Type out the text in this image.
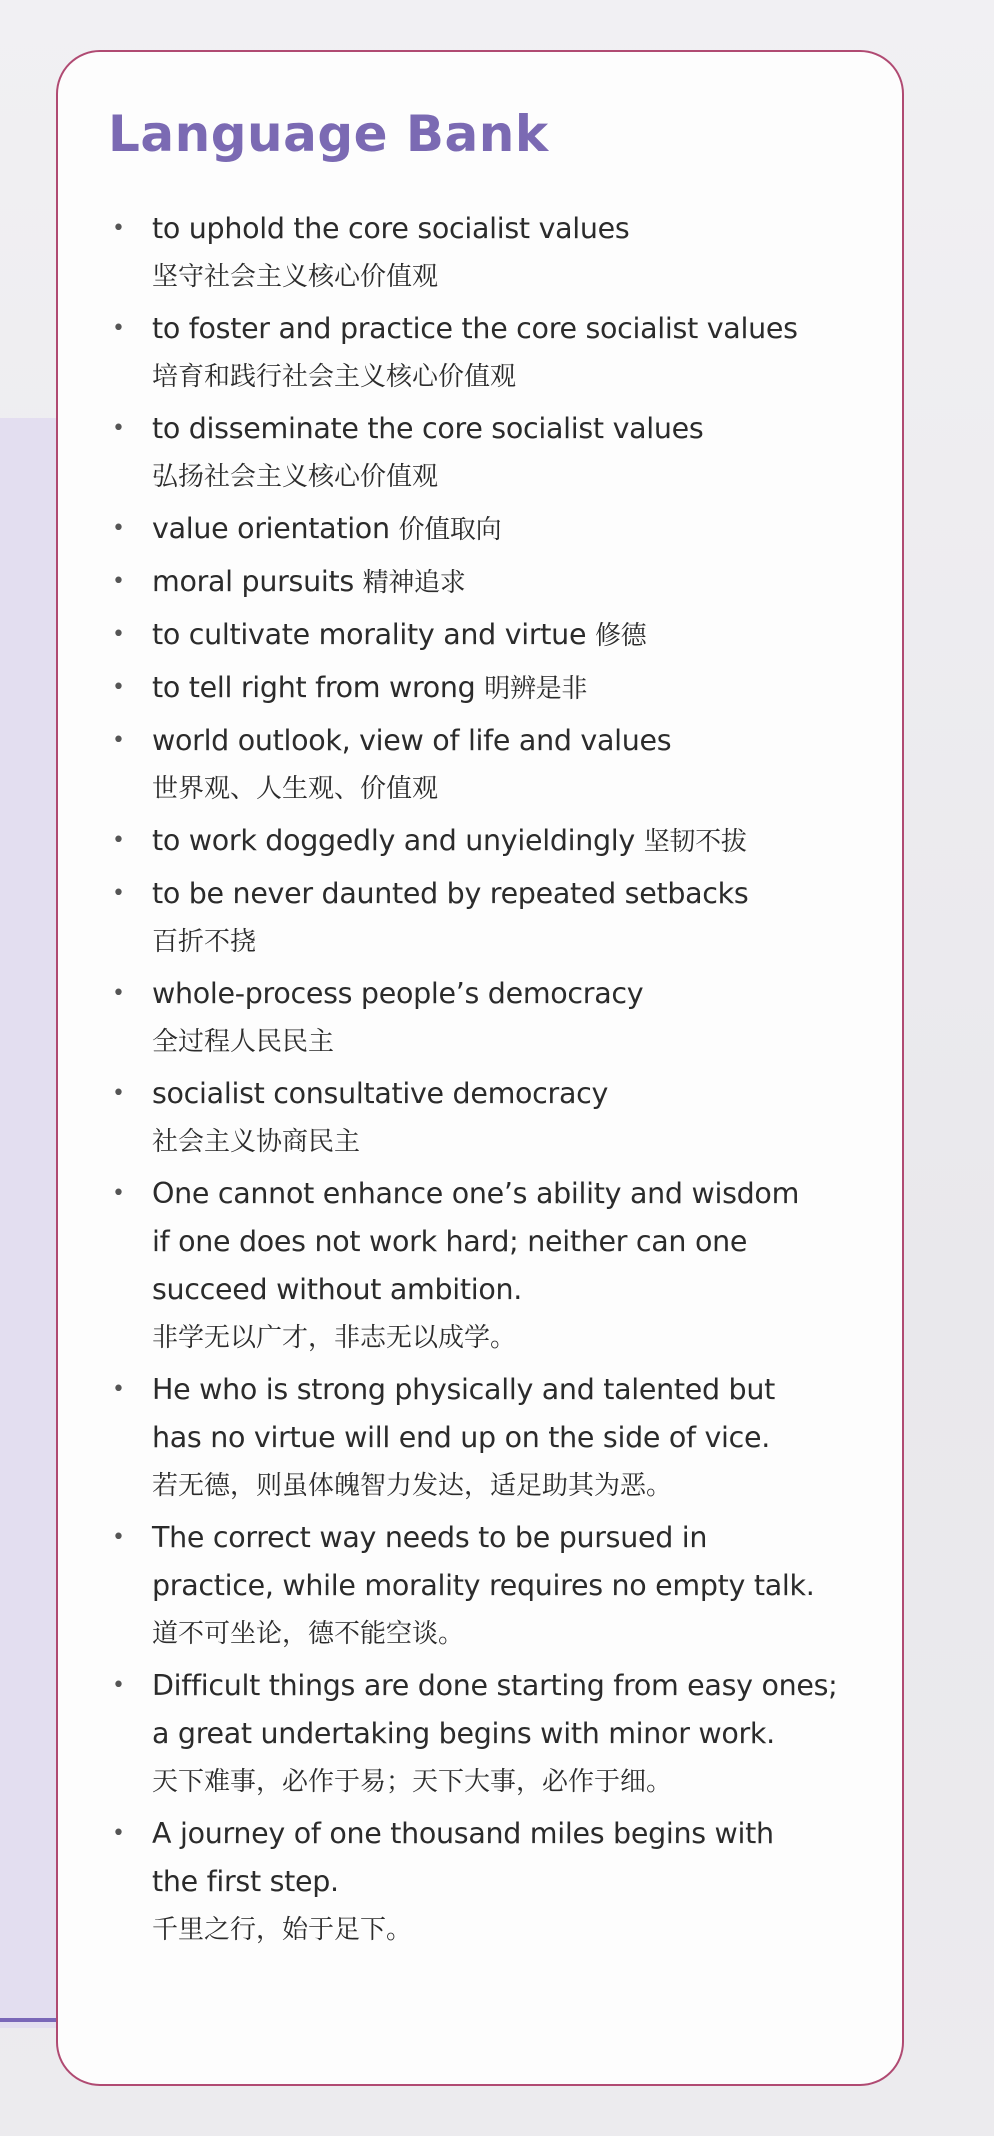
Language Bank
• to uphold the core socialist values
坚守社会主义核心价值观
• to foster and practice the core socialist values
培育和践行社会主义核心价值观
• to disseminate the core socialist values
弘扬社会主义核心价值观
• value orientation 价值取向
• moral pursuits 精神追求
• to cultivate morality and virtue 修德
• to tell right from wrong 明辨是非
• world outlook, view of life and values
世界观、人生观、价值观
• to work doggedly and unyieldingly 坚韧不拔
• to be never daunted by repeated setbacks
百折不挠
• whole-process people’s democracy
全过程人民民主
• socialist consultative democracy
社会主义协商民主
• One cannot enhance one’s ability and wisdom
if one does not work hard; neither can one
succeed without ambition.
非学无以广才，非志无以成学。
• He who is strong physically and talented but
has no virtue will end up on the side of vice.
若无德，则虽体魄智力发达，适足助其为恶。
• The correct way needs to be pursued in
practice, while morality requires no empty talk.
道不可坐论，德不能空谈。
• Difficult things are done starting from easy ones;
a great undertaking begins with minor work.
天下难事，必作于易；天下大事，必作于细。
• A journey of one thousand miles begins with
the first step.
千里之行，始于足下。
